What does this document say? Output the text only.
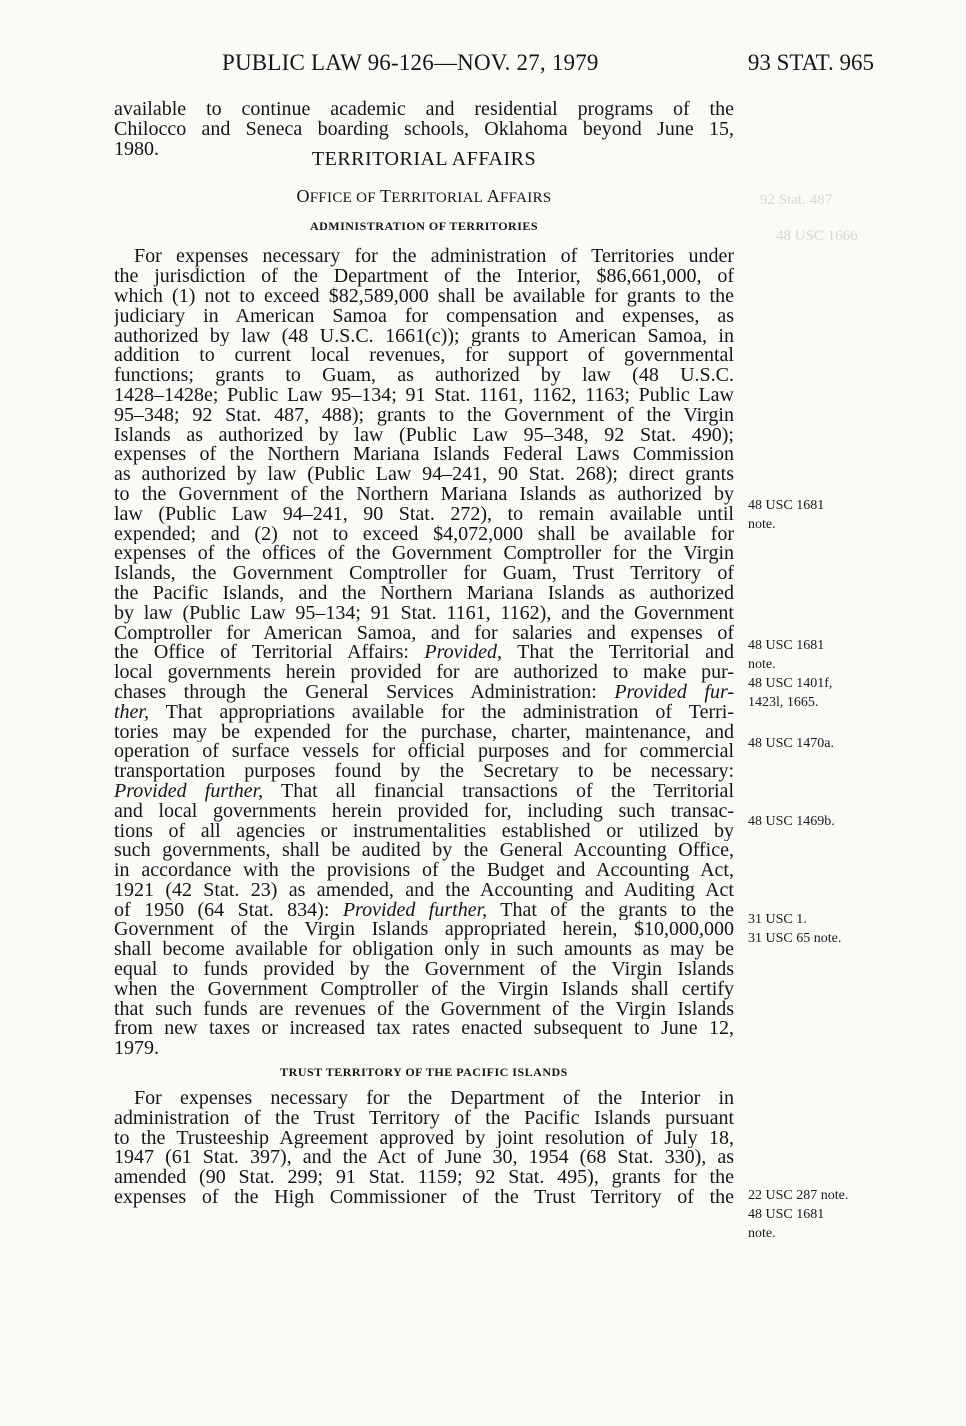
92 Stat. 487
48 USC 1666
PUBLIC LAW 96-126—NOV. 27, 1979	93 STAT. 965
available to continue academic and residential programs of the
Chilocco and Seneca boarding schools, Oklahoma beyond June 15,
1980.	TERRITORIAL AFFAIRS
OFFICE OF TERRITORIAL AFFAIRS
ADMINISTRATION OF TERRITORIES
For expenses necessary for the administration of Territories under
the jurisdiction of the Department of the Interior, $86,661,000, of
which (1) not to exceed $82,589,000 shall be available for grants to the
judiciary in American Samoa for compensation and expenses, as
authorized by law (48 U.S.C. 1661(c)); grants to American Samoa, in
addition to current local revenues, for support of governmental
functions; grants to Guam, as authorized by law (48 U.S.C.
1428–1428e; Public Law 95–134; 91 Stat. 1161, 1162, 1163; Public Law
95–348; 92 Stat. 487, 488); grants to the Government of the Virgin
Islands as authorized by law (Public Law 95–348, 92 Stat. 490);
expenses of the Northern Mariana Islands Federal Laws Commission
as authorized by law (Public Law 94–241, 90 Stat. 268); direct grants
to the Government of the Northern Mariana Islands as authorized by
law (Public Law 94–241, 90 Stat. 272), to remain available until
expended; and (2) not to exceed $4,072,000 shall be available for
expenses of the offices of the Government Comptroller for the Virgin
Islands, the Government Comptroller for Guam, Trust Territory of
the Pacific Islands, and the Northern Mariana Islands as authorized
by law (Public Law 95–134; 91 Stat. 1161, 1162), and the Government
Comptroller for American Samoa, and for salaries and expenses of
the Office of Territorial Affairs: Provided, That the Territorial and
local governments herein provided for are authorized to make pur-
chases through the General Services Administration: Provided fur-
ther, That appropriations available for the administration of Terri-
tories may be expended for the purchase, charter, maintenance, and
operation of surface vessels for official purposes and for commercial
transportation purposes found by the Secretary to be necessary:
Provided further, That all financial transactions of the Territorial
and local governments herein provided for, including such transac-
tions of all agencies or instrumentalities established or utilized by
such governments, shall be audited by the General Accounting Office,
in accordance with the provisions of the Budget and Accounting Act,
1921 (42 Stat. 23) as amended, and the Accounting and Auditing Act
of 1950 (64 Stat. 834): Provided further, That of the grants to the
Government of the Virgin Islands appropriated herein, $10,000,000
shall become available for obligation only in such amounts as may be
equal to funds provided by the Government of the Virgin Islands
when the Government Comptroller of the Virgin Islands shall certify
that such funds are revenues of the Government of the Virgin Islands
from new taxes or increased tax rates enacted subsequent to June 12,
1979.
TRUST TERRITORY OF THE PACIFIC ISLANDS
For expenses necessary for the Department of the Interior in
administration of the Trust Territory of the Pacific Islands pursuant
to the Trusteeship Agreement approved by joint resolution of July 18,
1947 (61 Stat. 397), and the Act of June 30, 1954 (68 Stat. 330), as
amended (90 Stat. 299; 91 Stat. 1159; 92 Stat. 495), grants for the
expenses of the High Commissioner of the Trust Territory of the
48 USC 1681
note.
48 USC 1681
note.
48 USC 1401f,
1423l, 1665.
48 USC 1470a.
48 USC 1469b.
31 USC 1.
31 USC 65 note.
22 USC 287 note.
48 USC 1681
note.
